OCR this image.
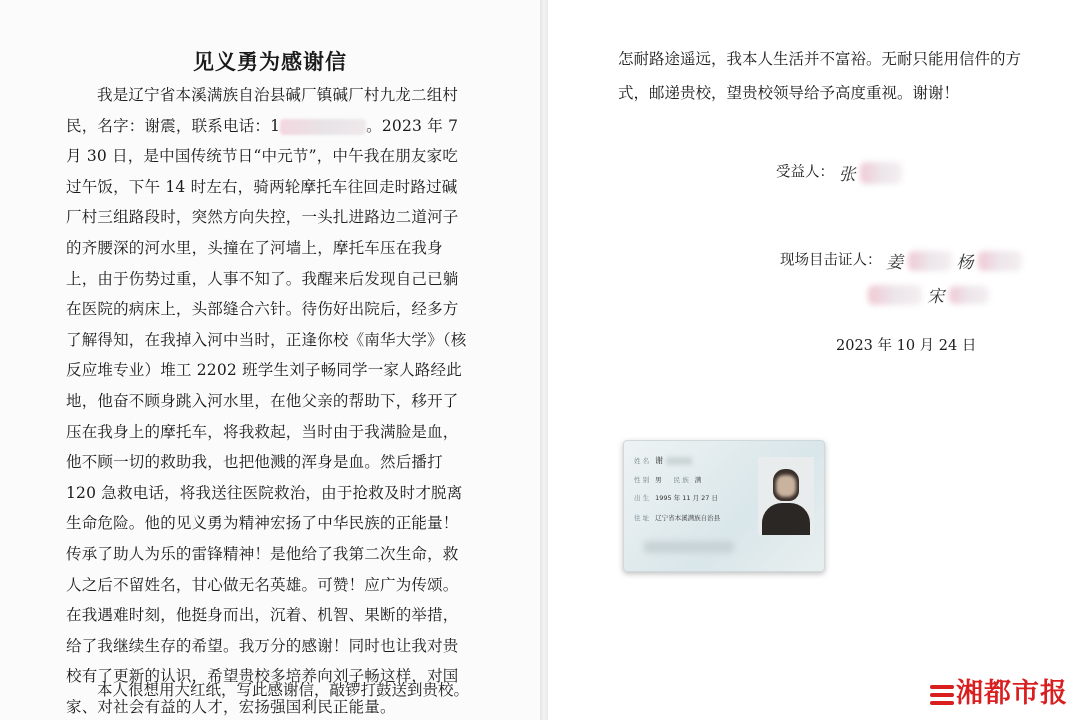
见义勇为感谢信

我是辽宁省本溪满族自治县碱厂镇碱厂村九龙二组村民，名字：谢震，联系电话：1	。2023 年 7 月 30 日，是中国传统节日“中元节”，中午我在朋友家吃过午饭，下午 14 时左右，骑两轮摩托车往回走时路过碱厂村三组路段时，突然方向失控，一头扎进路边二道河子的齐腰深的河水里，头撞在了河墙上，摩托车压在我身上，由于伤势过重，人事不知了。我醒来后发现自己已躺在医院的病床上，头部缝合六针。待伤好出院后，经多方了解得知，在我掉入河中当时，正逢你校《南华大学》（核反应堆专业）堆工 2202 班学生刘子畅同学一家人路经此地，他奋不顾身跳入河水里，在他父亲的帮助下，移开了压在我身上的摩托车，将我救起，当时由于我满脸是血，他不顾一切的救助我，也把他溅的浑身是血。然后播打 120 急救电话，将我送往医院救治，由于抢救及时才脱离生命危险。他的见义勇为精神宏扬了中华民族的正能量！传承了助人为乐的雷锋精神！是他给了我第二次生命，救人之后不留姓名，甘心做无名英雄。可赞！应广为传颂。在我遇难时刻，他挺身而出，沉着、机智、果断的举措，给了我继续生存的希望。我万分的感谢！同时也让我对贵校有了更新的认识，希望贵校多培养向刘子畅这样，对国家、对社会有益的人才，宏扬强国利民正能量。

本人很想用大红纸，写此感谢信，敲锣打鼓送到贵校。

怎耐路途遥远，我本人生活并不富裕。无耐只能用信件的方式，邮递贵校，望贵校领导给予高度重视。谢谢！

受益人： 张
现场目击证人： 姜	杨
宋
2023 年 10 月 24 日
姓 名 谢
性 别 男 民 族 满
出 生 1995 年 11 月 27 日
住 址 辽宁省本溪满族自治县
湘都市报
